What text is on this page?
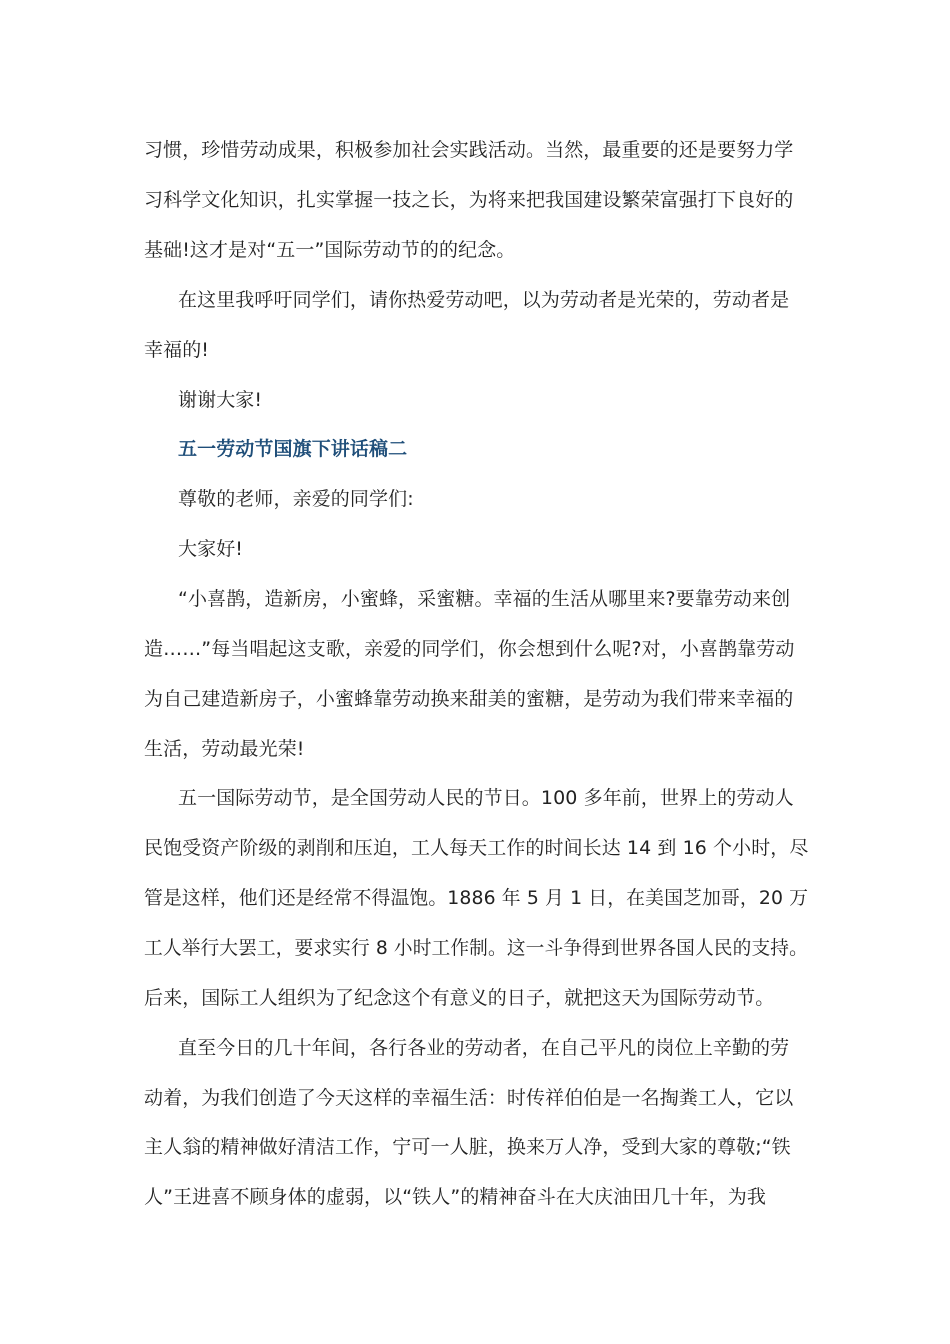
习惯，珍惜劳动成果，积极参加社会实践活动。当然，最重要的还是要努力学
习科学文化知识，扎实掌握一技之长，为将来把我国建设繁荣富强打下良好的
基础!这才是对“五一”国际劳动节的的纪念。
在这里我呼吁同学们，请你热爱劳动吧，以为劳动者是光荣的，劳动者是
幸福的!
谢谢大家!
五一劳动节国旗下讲话稿二
尊敬的老师，亲爱的同学们:
大家好!
“小喜鹊，造新房，小蜜蜂，采蜜糖。幸福的生活从哪里来?要靠劳动来创
造……”每当唱起这支歌，亲爱的同学们，你会想到什么呢?对，小喜鹊靠劳动
为自己建造新房子，小蜜蜂靠劳动换来甜美的蜜糖，是劳动为我们带来幸福的
生活，劳动最光荣!
五一国际劳动节，是全国劳动人民的节日。100 多年前，世界上的劳动人
民饱受资产阶级的剥削和压迫，工人每天工作的时间长达 14 到 16 个小时，尽
管是这样，他们还是经常不得温饱。1886 年 5 月 1 日，在美国芝加哥，20 万
工人举行大罢工，要求实行 8 小时工作制。这一斗争得到世界各国人民的支持。
后来，国际工人组织为了纪念这个有意义的日子，就把这天为国际劳动节。
直至今日的几十年间，各行各业的劳动者，在自己平凡的岗位上辛勤的劳
动着，为我们创造了今天这样的幸福生活：时传祥伯伯是一名掏粪工人，它以
主人翁的精神做好清洁工作，宁可一人脏，换来万人净，受到大家的尊敬;“铁
人”王进喜不顾身体的虚弱，以“铁人”的精神奋斗在大庆油田几十年，为我
